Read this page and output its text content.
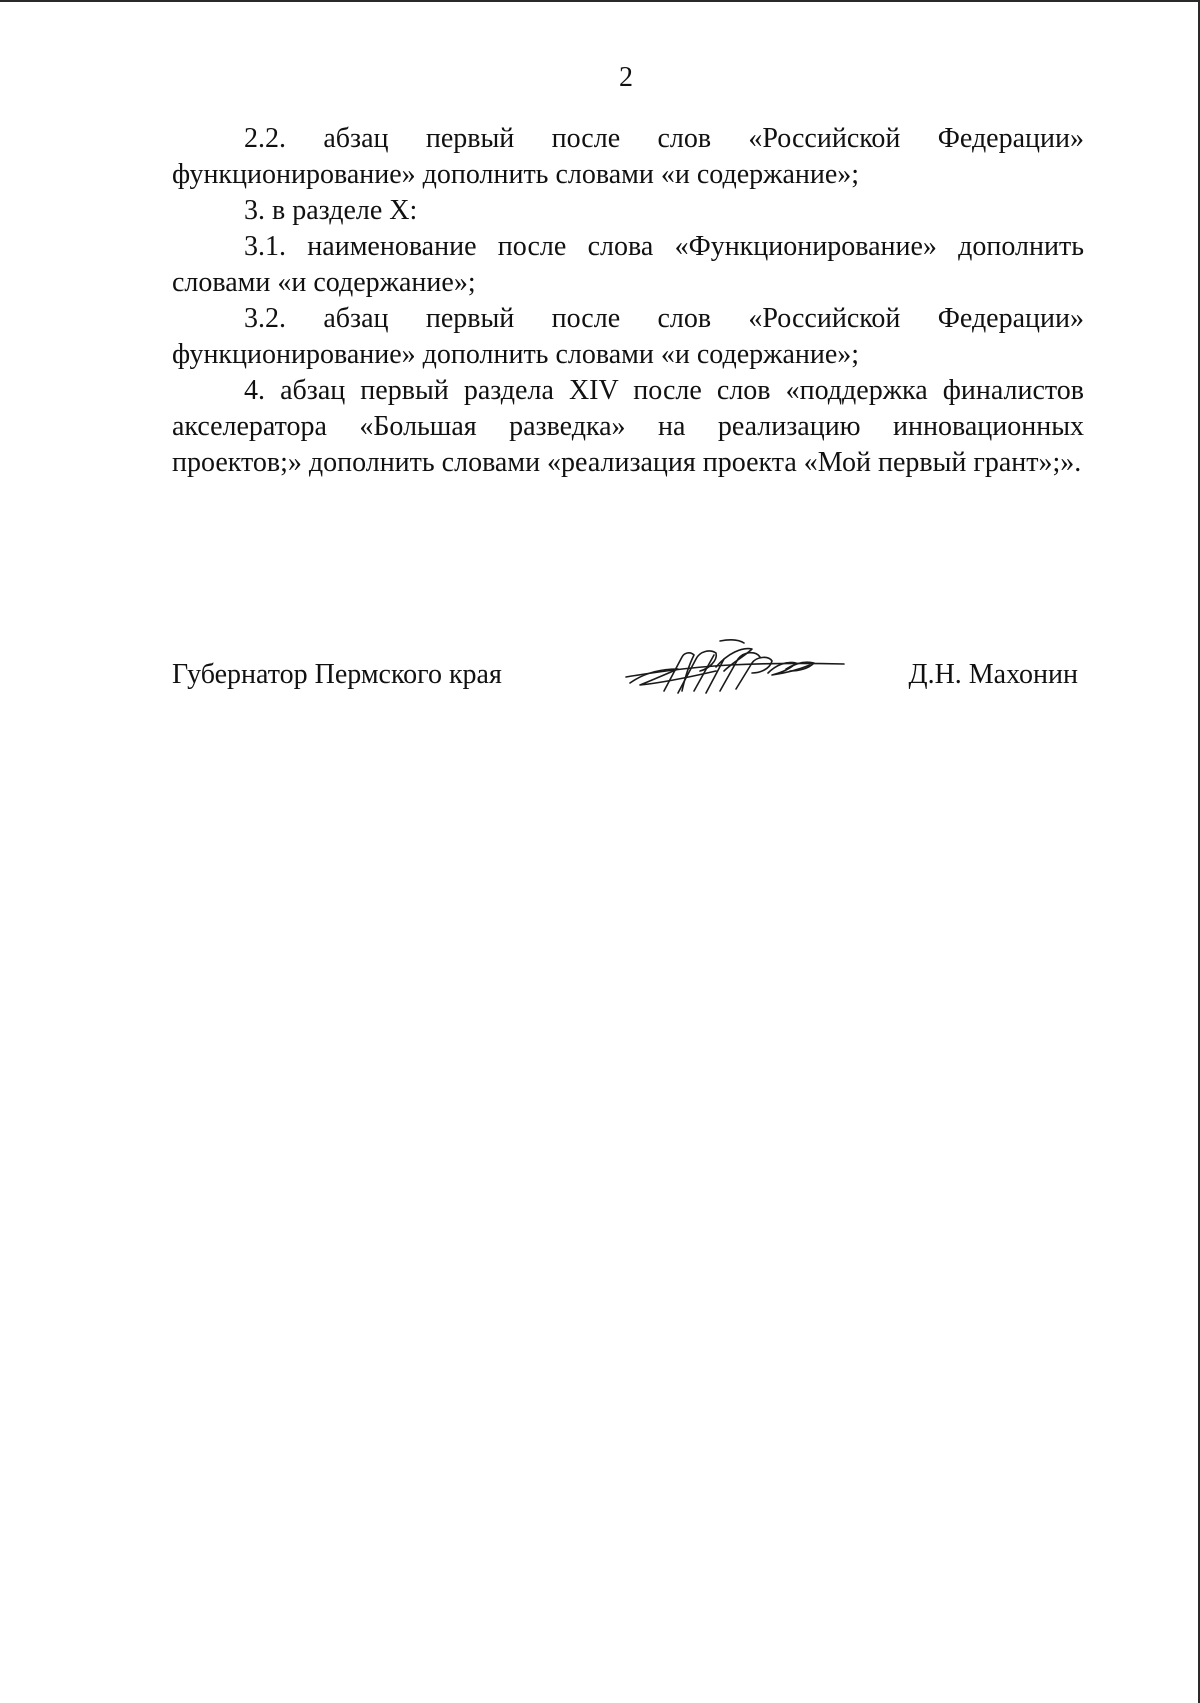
2

2.2. абзац первый после слов «Российской Федерации» функционирование» дополнить словами «и содержание»;

3. в разделе X:

3.1. наименование после слова «Функционирование» дополнить словами «и содержание»;

3.2. абзац первый после слов «Российской Федерации» функционирование» дополнить словами «и содержание»;

4. абзац первый раздела XIV после слов «поддержка финалистов акселератора «Большая разведка» на реализацию инновационных проектов;» дополнить словами «реализация проекта «Мой первый грант»;».

Губернатор Пермского края	Д.Н. Махонин
